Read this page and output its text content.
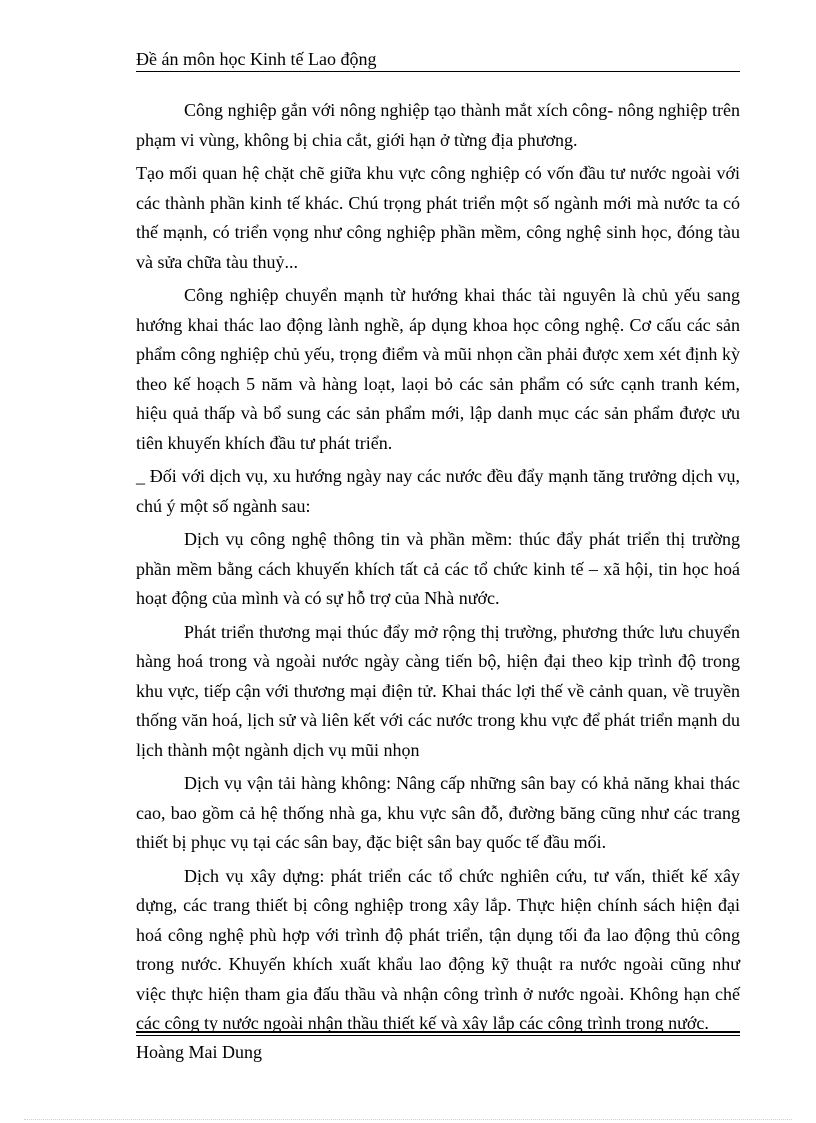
Đề án môn học Kinh tế Lao động

Công nghiệp gắn với nông nghiệp tạo thành mắt xích công- nông nghiệp trên phạm vi vùng, không bị chia cắt, giới hạn ở từng địa phương.

Tạo mối quan hệ chặt chẽ giữa khu vực công nghiệp có vốn đầu tư nước ngoài với các thành phần kinh tế khác. Chú trọng phát triển một số ngành mới mà nước ta có thế mạnh, có triển vọng như công nghiệp phần mềm, công nghệ sinh học, đóng tàu và sửa chữa tàu thuỷ...

Công nghiệp chuyển mạnh từ hướng khai thác tài nguyên là chủ yếu sang hướng khai thác lao động lành nghề, áp dụng khoa học công nghệ. Cơ cấu các sản phẩm công nghiệp chủ yếu, trọng điểm và mũi nhọn cần phải được xem xét định kỳ theo kế hoạch 5 năm và hàng loạt, laọi bỏ các sản phẩm có sức cạnh tranh kém, hiệu quả thấp và bổ sung các sản phẩm mới, lập danh mục các sản phẩm được ưu tiên khuyến khích đầu tư phát triển.

_ Đối với dịch vụ, xu hướng ngày nay các nước đều đẩy mạnh tăng trưởng dịch vụ, chú ý một số ngành sau:

Dịch vụ công nghệ thông tin và phần mềm: thúc đẩy phát triển thị trường phần mềm bằng cách khuyến khích tất cả các tổ chức kinh tế – xã hội, tin học hoá hoạt động của mình và có sự hỗ trợ của Nhà nước.

Phát triển thương mại thúc đẩy mở rộng thị trường, phương thức lưu chuyển hàng hoá trong và ngoài nước ngày càng tiến bộ, hiện đại theo kịp trình độ trong khu vực, tiếp cận với thương mại điện tử. Khai thác lợi thế về cảnh quan, về truyền thống văn hoá, lịch sử và liên kết với các nước trong khu vực để phát triển mạnh du lịch thành một ngành dịch vụ mũi nhọn

Dịch vụ vận tải hàng không: Nâng cấp những sân bay có khả năng khai thác cao, bao gồm cả hệ thống nhà ga, khu vực sân đỗ, đường băng cũng như các trang thiết bị phục vụ tại các sân bay, đặc biệt sân bay quốc tế đầu mối.

Dịch vụ xây dựng: phát triển các tổ chức nghiên cứu, tư vấn, thiết kế xây dựng, các trang thiết bị công nghiệp trong xây lắp. Thực hiện chính sách hiện đại hoá công nghệ phù hợp với trình độ phát triển, tận dụng tối đa lao động thủ công trong nước. Khuyến khích xuất khẩu lao động kỹ thuật ra nước ngoài cũng như việc thực hiện tham gia đấu thầu và nhận công trình ở nước ngoài. Không hạn chế các công ty nước ngoài nhận thầu thiết kế và xây lắp các công trình trong nước.

Hoàng Mai Dung
